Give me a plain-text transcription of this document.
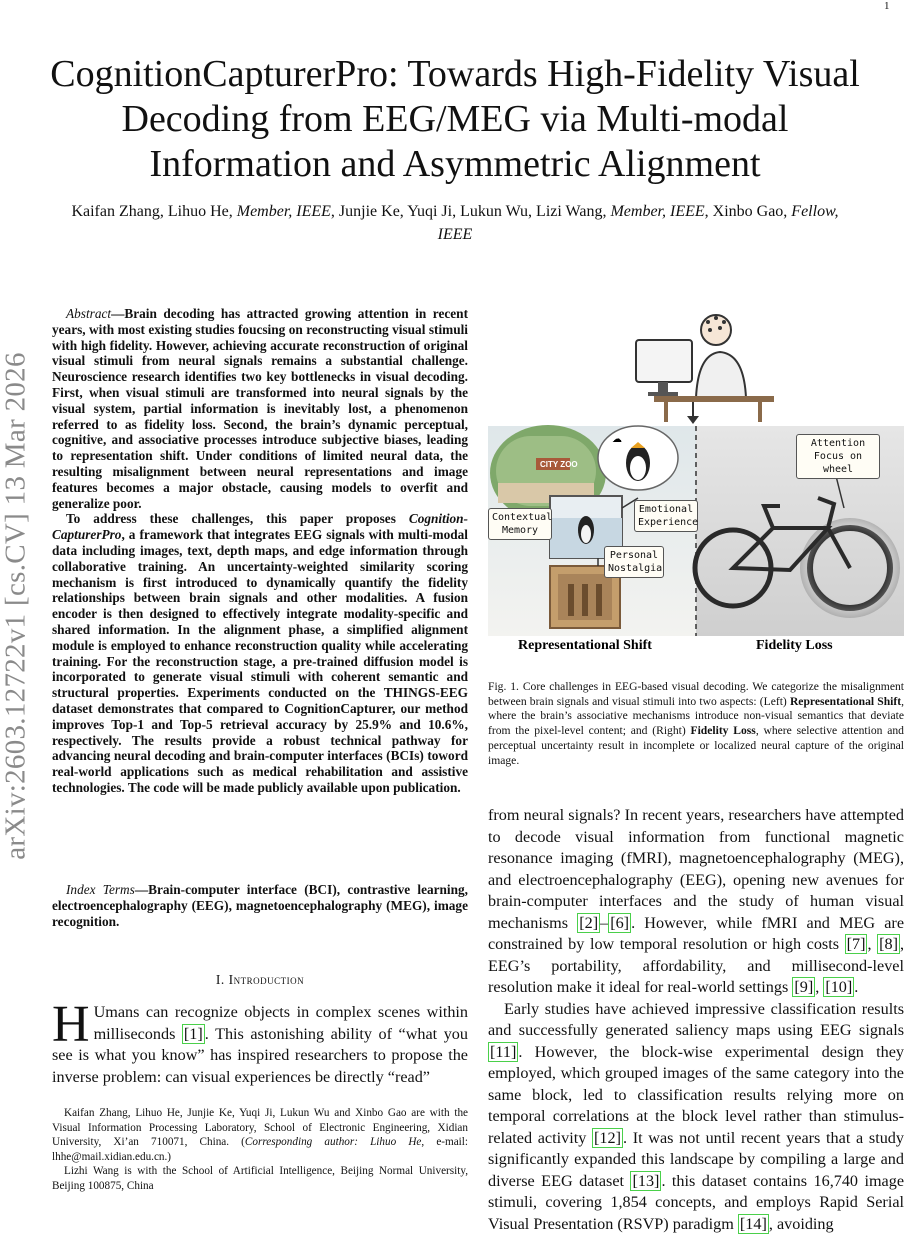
1
CognitionCapturerPro: Towards High-Fidelity Visual Decoding from EEG/MEG via Multi-modal Information and Asymmetric Alignment
Kaifan Zhang, Lihuo He, Member, IEEE, Junjie Ke, Yuqi Ji, Lukun Wu, Lizi Wang, Member, IEEE, Xinbo Gao, Fellow, IEEE
arXiv:2603.12722v1 [cs.CV] 13 Mar 2026

Abstract—Brain decoding has attracted growing attention in recent years, with most existing studies foucsing on reconstructing visual stimuli with high fidelity. However, achieving accurate reconstruction of original visual stimuli from neural signals remains a substantial challenge. Neuroscience research identifies two key bottlenecks in visual decoding. First, when visual stimuli are transformed into neural signals by the visual system, partial information is inevitably lost, a phenomenon referred to as fidelity loss. Second, the brain’s dynamic perceptual, cognitive, and associative processes introduce subjective biases, leading to representation shift. Under conditions of limited neural data, the resulting misalignment between neural representations and image features becomes a major obstacle, causing models to overfit and generalize poor.

To address these challenges, this paper proposes Cognition-CapturerPro, a framework that integrates EEG signals with multi-modal data including images, text, depth maps, and edge information through collaborative training. An uncertainty-weighted similarity scoring mechanism is first introduced to dynamically quantify the fidelity relationships between brain signals and other modalities. A fusion encoder is then designed to effectively integrate modality-specific and shared information. In the alignment phase, a simplified alignment module is employed to enhance reconstruction quality while accelerating training. For the reconstruction stage, a pre-trained diffusion model is incorporated to generate visual stimuli with coherent semantic and structural properties. Experiments conducted on the THINGS-EEG dataset demonstrates that compared to CognitionCapturer, our method improves Top-1 and Top-5 retrieval accuracy by 25.9% and 10.6%, respectively. The results provide a robust technical pathway for advancing neural decoding and brain-computer interfaces (BCIs) toword real-world applications such as medical rehabilitation and assistive technologies. The code will be made publicly available upon publication.

Index Terms—Brain-computer interface (BCI), contrastive learning, electroencephalography (EEG), magnetoencephalography (MEG), image recognition.
I. Introduction
H Umans can recognize objects in complex scenes within milliseconds [1] . This astonishing ability of “what you see is what you know” has inspired researchers to propose the inverse problem: can visual experiences be directly “read”

Kaifan Zhang, Lihuo He, Junjie Ke, Yuqi Ji, Lukun Wu and Xinbo Gao are with the Visual Information Processing Laboratory, School of Electronic Engineering, Xidian University, Xi’an 710071, China. (Corresponding author: Lihuo He, e-mail: lhhe@mail.xidian.edu.cn.)

Lizhi Wang is with the School of Artificial Intelligence, Beijing Normal University, Beijing 100875, China

CITY ZOO
☁
Representational Shift	Fidelity Loss
Contextual Memory
Emotional Experience
Personal Nostalgia
Attention Focus on wheel
Fig. 1. Core challenges in EEG-based visual decoding. We categorize the misalignment between brain signals and visual stimuli into two aspects: (Left) Representational Shift, where the brain’s associative mechanisms introduce non-visual semantics that deviate from the pixel-level content; and (Right) Fidelity Loss, where selective attention and perceptual uncertainty result in incomplete or localized neural capture of the original image.

from neural signals? In recent years, researchers have attempted to decode visual information from functional magnetic resonance imaging (fMRI), magnetoencephalography (MEG), and electroencephalography (EEG), opening new avenues for brain-computer interfaces and the study of human visual mechanisms [2] – [6] . However, while fMRI and MEG are constrained by low temporal resolution or high costs [7] , [8] , EEG’s portability, affordability, and millisecond-level resolution make it ideal for real-world settings [9] , [10] .

Early studies have achieved impressive classification results and successfully generated saliency maps using EEG signals [11] . However, the block-wise experimental design they employed, which grouped images of the same category into the same block, led to classification results relying more on temporal correlations at the block level rather than stimulus-related activity [12] . It was not until recent years that a study significantly expanded this landscape by compiling a large and diverse EEG dataset [13] . this dataset contains 16,740 image stimuli, covering 1,854 concepts, and employs Rapid Serial Visual Presentation (RSVP) paradigm [14] , avoiding
